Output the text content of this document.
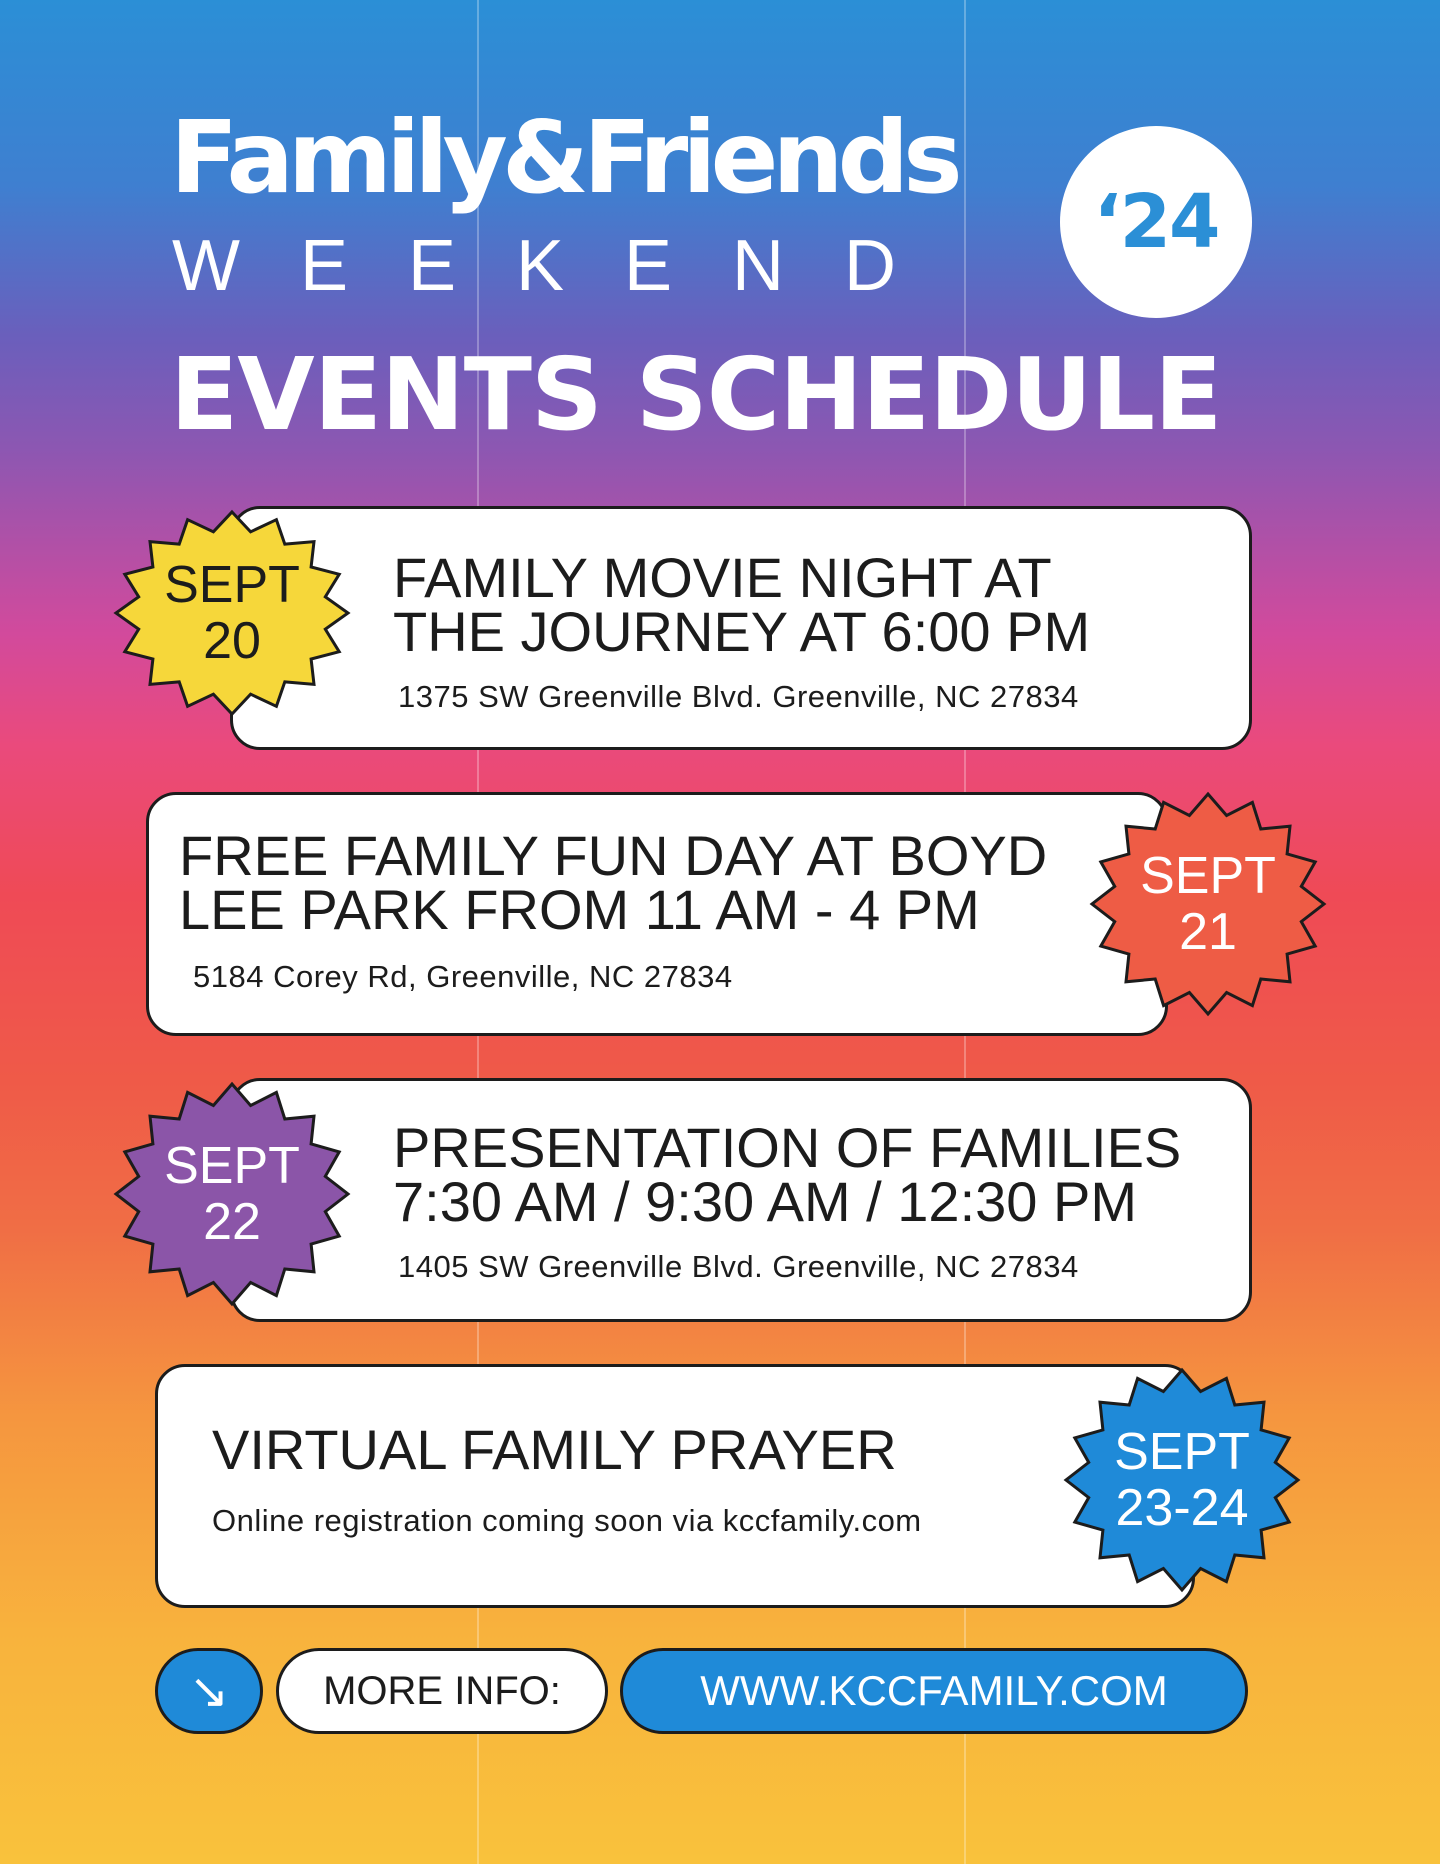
Family&Friends
WEEKEND
‘24
EVENTS SCHEDULE
FAMILY MOVIE NIGHT AT
THE JOURNEY AT 6:00 PM
1375 SW Greenville Blvd. Greenville, NC 27834
SEPT
20
FREE FAMILY FUN DAY AT BOYD
LEE PARK FROM 11 AM - 4 PM
5184 Corey Rd, Greenville, NC 27834
SEPT
21
PRESENTATION OF FAMILIES
7:30 AM / 9:30 AM / 12:30 PM
1405 SW Greenville Blvd. Greenville, NC 27834
SEPT
22
VIRTUAL FAMILY PRAYER
Online registration coming soon via kccfamily.com
SEPT
23-24
↘ MORE INFO:	WWW.KCCFAMILY.COM
